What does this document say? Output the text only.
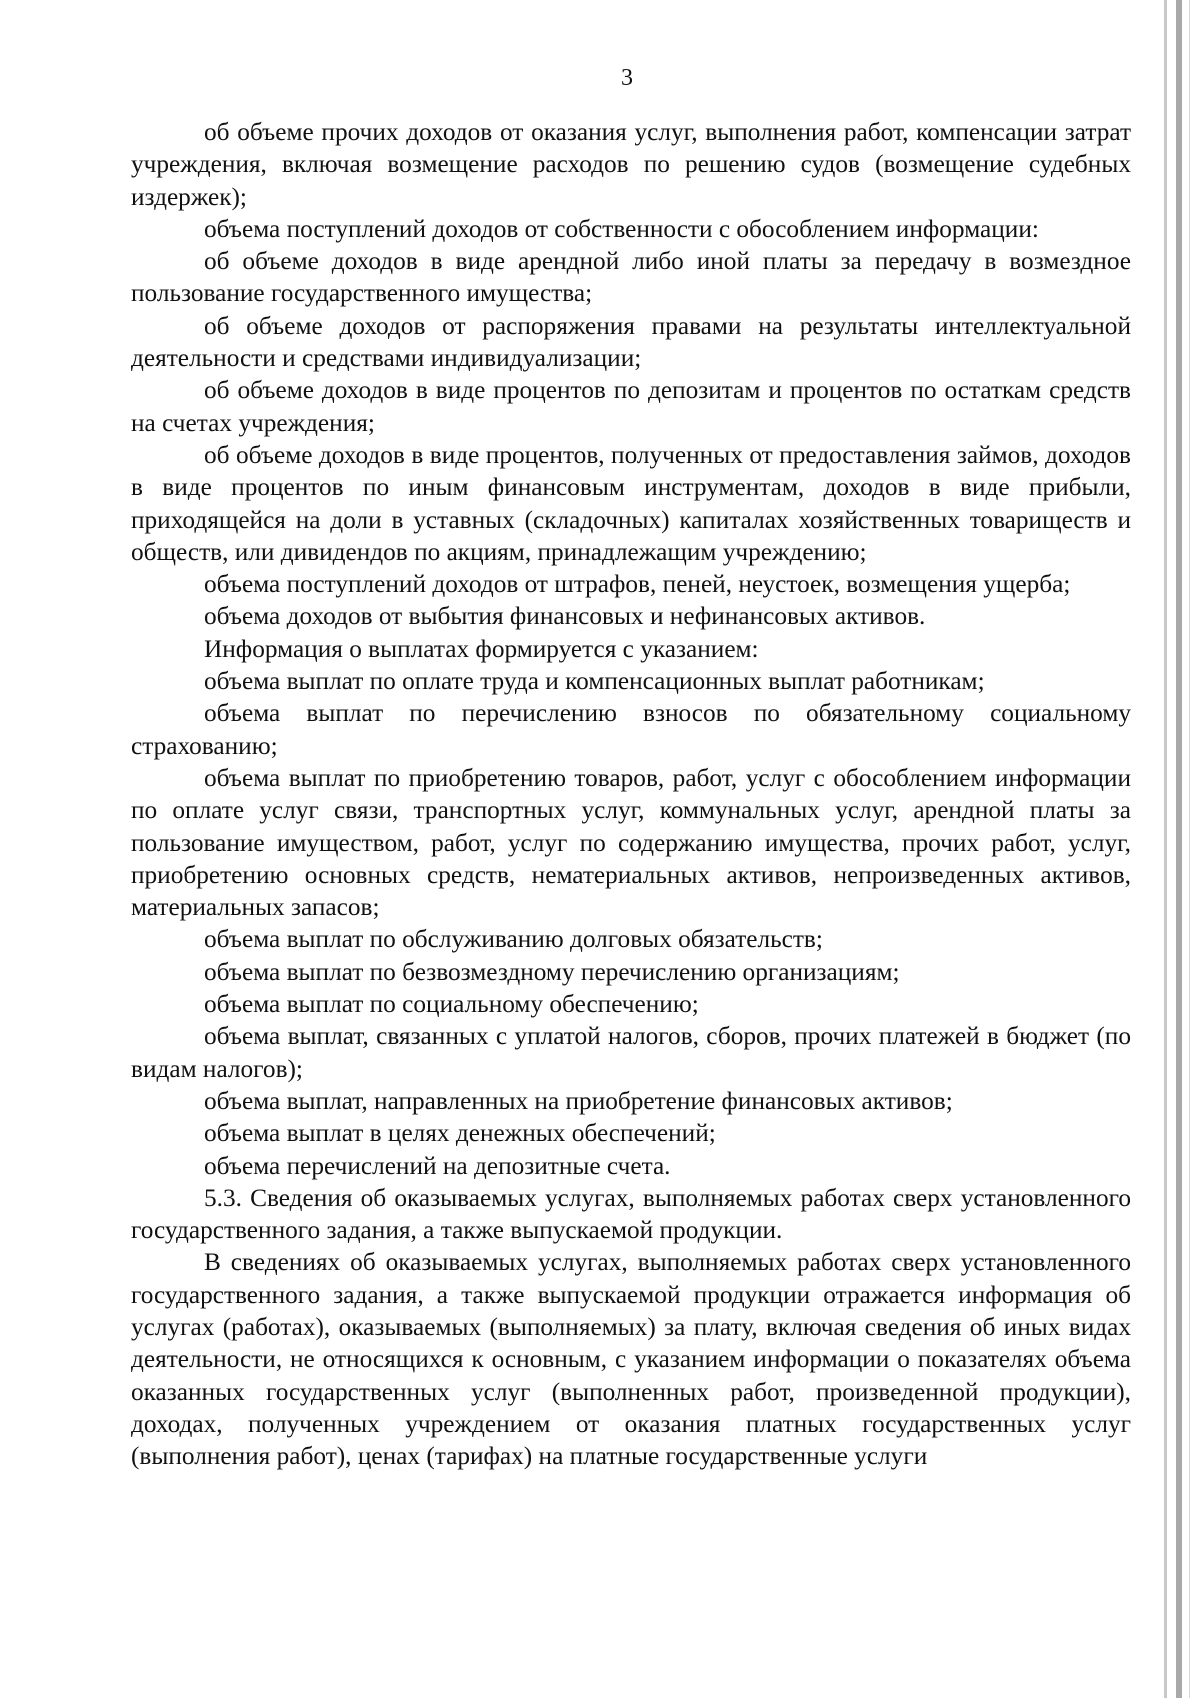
3

об объеме прочих доходов от оказания услуг, выполнения работ, компенсации затрат учреждения, включая возмещение расходов по решению судов (возмещение судебных издержек);

объема поступлений доходов от собственности с обособлением информации:

об объеме доходов в виде арендной либо иной платы за передачу в возмездное пользование государственного имущества;

об объеме доходов от распоряжения правами на результаты интеллектуальной деятельности и средствами индивидуализации;

об объеме доходов в виде процентов по депозитам и процентов по остаткам средств на счетах учреждения;

об объеме доходов в виде процентов, полученных от предоставления займов, доходов в виде процентов по иным финансовым инструментам, доходов в виде прибыли, приходящейся на доли в уставных (складочных) капиталах хозяйственных товариществ и обществ, или дивидендов по акциям, принадлежащим учреждению;

объема поступлений доходов от штрафов, пеней, неустоек, возмещения ущерба;

объема доходов от выбытия финансовых и нефинансовых активов.

Информация о выплатах формируется с указанием:

объема выплат по оплате труда и компенсационных выплат работникам;

объема выплат по перечислению взносов по обязательному социальному страхованию;

объема выплат по приобретению товаров, работ, услуг с обособлением информации по оплате услуг связи, транспортных услуг, коммунальных услуг, арендной платы за пользование имуществом, работ, услуг по содержанию имущества, прочих работ, услуг, приобретению основных средств, нематериальных активов, непроизведенных активов, материальных запасов;

объема выплат по обслуживанию долговых обязательств;

объема выплат по безвозмездному перечислению организациям;

объема выплат по социальному обеспечению;

объема выплат, связанных с уплатой налогов, сборов, прочих платежей в бюджет (по видам налогов);

объема выплат, направленных на приобретение финансовых активов;

объема выплат в целях денежных обеспечений;

объема перечислений на депозитные счета.

5.3. Сведения об оказываемых услугах, выполняемых работах сверх установленного государственного задания, а также выпускаемой продукции.

В сведениях об оказываемых услугах, выполняемых работах сверх установленного государственного задания, а также выпускаемой продукции отражается информация об услугах (работах), оказываемых (выполняемых) за плату, включая сведения об иных видах деятельности, не относящихся к основным, с указанием информации о показателях объема оказанных государственных услуг (выполненных работ, произведенной продукции), доходах, полученных учреждением от оказания платных государственных услуг (выполнения работ), ценах (тарифах) на платные государственные услуги
